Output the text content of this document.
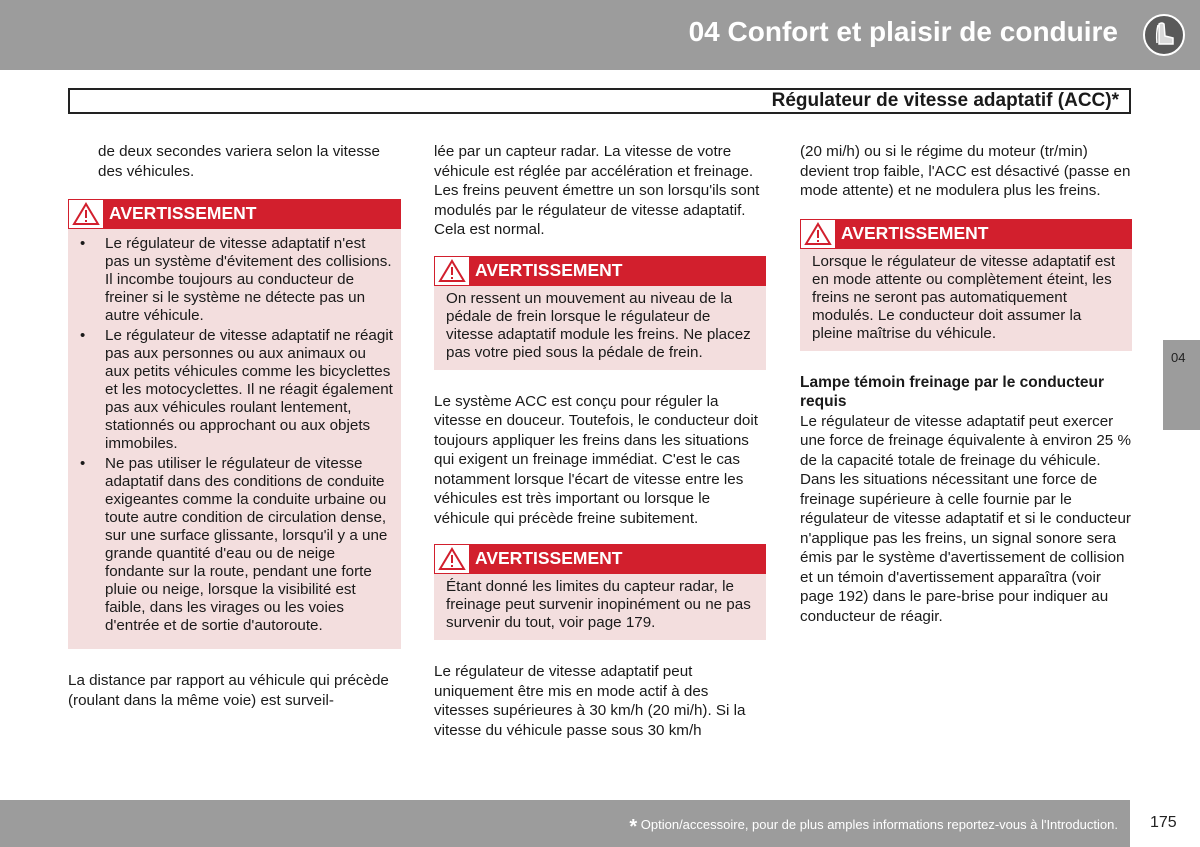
04 Confort et plaisir de conduire
Régulateur de vitesse adaptatif (ACC)*

de deux secondes variera selon la vitesse des véhicules.

AVERTISSEMENT
• Le régulateur de vitesse adaptatif n'est pas un système d'évitement des collisions. Il incombe toujours au conducteur de freiner si le système ne détecte pas un autre véhicule.
• Le régulateur de vitesse adaptatif ne réagit pas aux personnes ou aux animaux ou aux petits véhicules comme les bicyclettes et les motocyclettes. Il ne réagit également pas aux véhicules roulant lentement, stationnés ou approchant ou aux objets immobiles.
• Ne pas utiliser le régulateur de vitesse adaptatif dans des conditions de conduite exigeantes comme la conduite urbaine ou toute autre condition de circulation dense, sur une surface glissante, lorsqu'il y a une grande quantité d'eau ou de neige fondante sur la route, pendant une forte pluie ou neige, lorsque la visibilité est faible, dans les virages ou les voies d'entrée et de sortie d'autoroute.

La distance par rapport au véhicule qui précède (roulant dans la même voie) est surveil-

lée par un capteur radar. La vitesse de votre véhicule est réglée par accélération et freinage. Les freins peuvent émettre un son lorsqu'ils sont modulés par le régulateur de vitesse adaptatif. Cela est normal.

AVERTISSEMENT
On ressent un mouvement au niveau de la pédale de frein lorsque le régulateur de vitesse adaptatif module les freins. Ne placez pas votre pied sous la pédale de frein.

Le système ACC est conçu pour réguler la vitesse en douceur. Toutefois, le conducteur doit toujours appliquer les freins dans les situations qui exigent un freinage immédiat. C'est le cas notamment lorsque l'écart de vitesse entre les véhicules est très important ou lorsque le véhicule qui précède freine subitement.

AVERTISSEMENT
Étant donné les limites du capteur radar, le freinage peut survenir inopinément ou ne pas survenir du tout, voir page 179.

Le régulateur de vitesse adaptatif peut uniquement être mis en mode actif à des vitesses supérieures à 30 km/h (20 mi/h). Si la vitesse du véhicule passe sous 30 km/h

(20 mi/h) ou si le régime du moteur (tr/min) devient trop faible, l'ACC est désactivé (passe en mode attente) et ne modulera plus les freins.

AVERTISSEMENT
Lorsque le régulateur de vitesse adaptatif est en mode attente ou complètement éteint, les freins ne seront pas automatiquement modulés. Le conducteur doit assumer la pleine maîtrise du véhicule.

Lampe témoin freinage par le conducteur requis

Le régulateur de vitesse adaptatif peut exercer une force de freinage équivalente à environ 25 % de la capacité totale de freinage du véhicule. Dans les situations nécessitant une force de freinage supérieure à celle fournie par le régulateur de vitesse adaptatif et si le conducteur n'applique pas les freins, un signal sonore sera émis par le système d'avertissement de collision et un témoin d'avertissement apparaîtra (voir page 192) dans le pare-brise pour indiquer au conducteur de réagir.

04
* Option/accessoire, pour de plus amples informations reportez-vous à l'Introduction. 175
